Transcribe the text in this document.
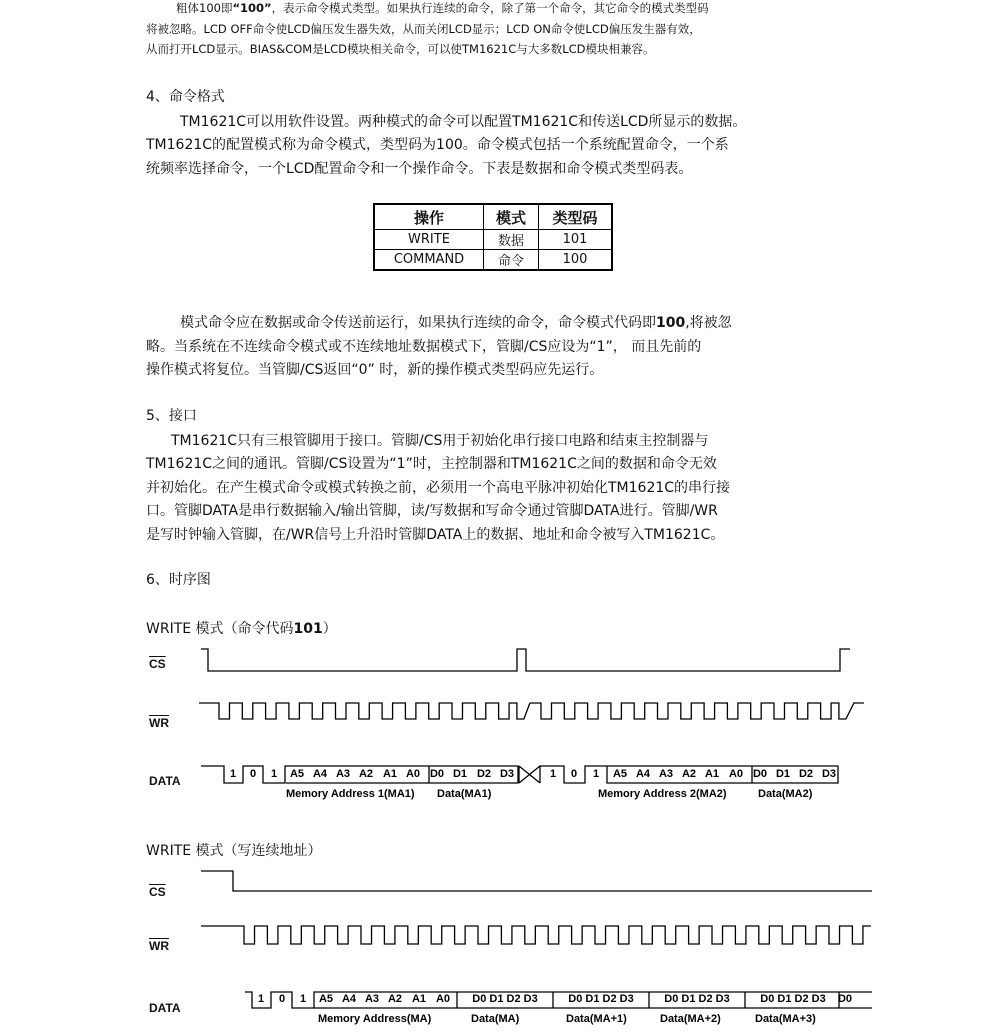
粗体100即“100”，表示命令模式类型。如果执行连续的命令，除了第一个命令，其它命令的模式类型码
将被忽略。LCD OFF命令使LCD偏压发生器失效，从而关闭LCD显示；LCD ON命令使LCD偏压发生器有效，
从而打开LCD显示。BIAS&COM是LCD模块相关命令，可以使TM1621C与大多数LCD模块相兼容。
4、命令格式
TM1621C可以用软件设置。两种模式的命令可以配置TM1621C和传送LCD所显示的数据。
TM1621C的配置模式称为命令模式，类型码为100。命令模式包括一个系统配置命令，一个系
统频率选择命令，一个LCD配置命令和一个操作命令。下表是数据和命令模式类型码表。
操作	模式	类型码
WRITE	数据	101
COMMAND	命令	100
模式命令应在数据或命令传送前运行，如果执行连续的命令，命令模式代码即100,将被忽
略。当系统在不连续命令模式或不连续地址数据模式下，管脚/CS应设为“1”， 而且先前的
操作模式将复位。当管脚/CS返回“0” 时，新的操作模式类型码应先运行。
5、接口
TM1621C只有三根管脚用于接口。管脚/CS用于初始化串行接口电路和结束主控制器与
TM1621C之间的通讯。管脚/CS设置为“1”时，主控制器和TM1621C之间的数据和命令无效
并初始化。在产生模式命令或模式转换之前，必须用一个高电平脉冲初始化TM1621C的串行接
口。管脚DATA是串行数据输入/输出管脚，读/写数据和写命令通过管脚DATA进行。管脚/WR
是写时钟输入管脚，在/WR信号上升沿时管脚DATA上的数据、地址和命令被写入TM1621C。
6、时序图
WRITE 模式（命令代码101）
$\overline{CS}$
$\overline{WR}$
DATA
WRITE 模式（写连续地址）
$\overline{CS}$
$\overline{WR}$
DATA
1 0 1 A5 A4 A3 A2 A1 A0 D0 D1 D2 D3	1 0 1 A5 A4 A3 A2 A1 A0 D0 D1 D2 D3
Memory Address 1(MA1) Data(MA1)	Memory Address 2(MA2)	Data(MA2)
1 0 1 A5 A4 A3 A2 A1 A0 D0 D1 D2 D3	D0 D1 D2 D3	D0 D1 D2 D3	D0 D1 D2 D3 D0
Memory Address(MA)	Data(MA)	Data(MA+1)	Data(MA+2)	Data(MA+3)
